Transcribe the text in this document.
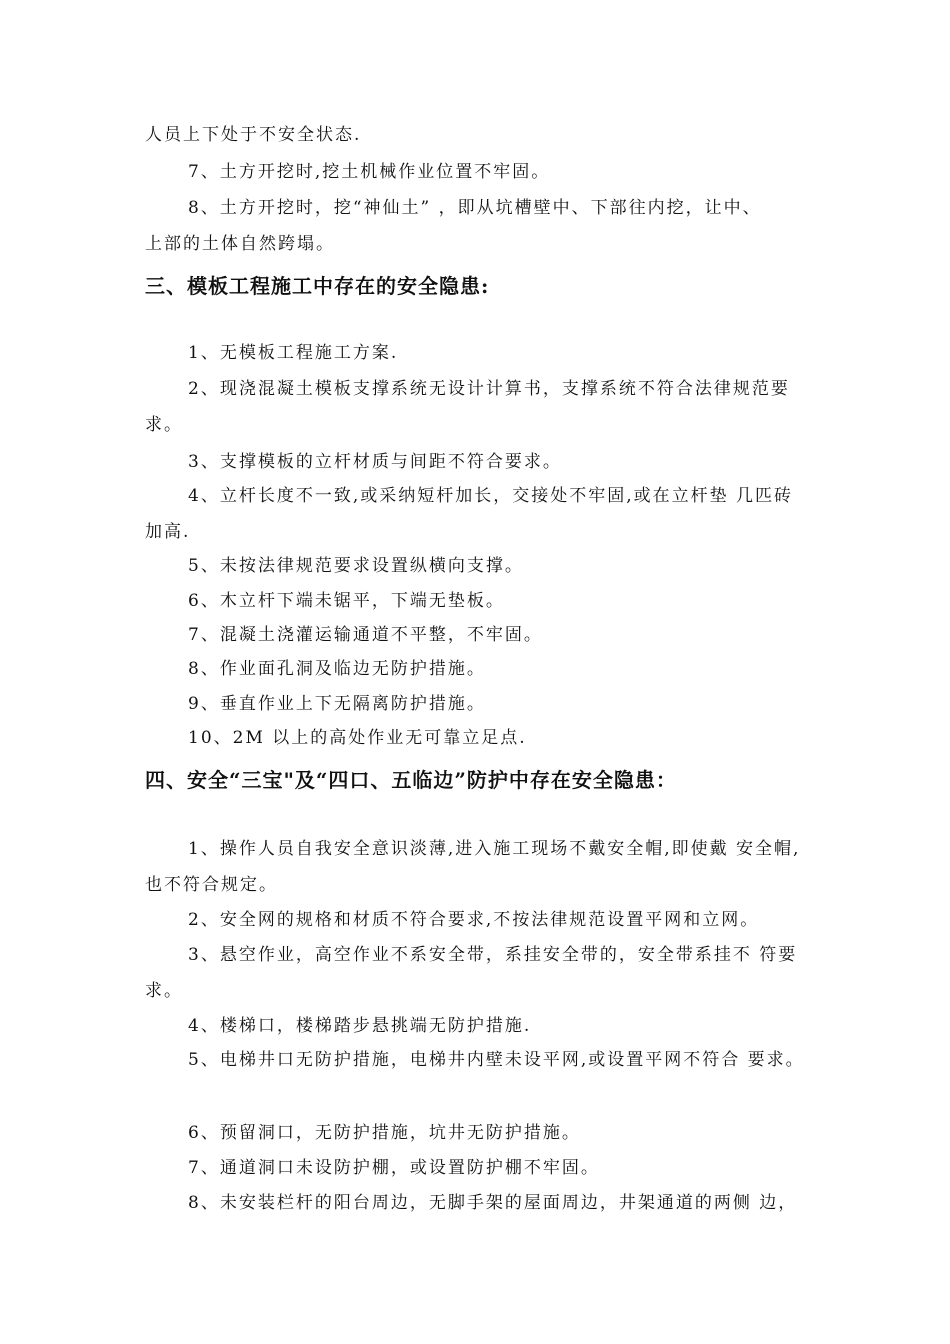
人员上下处于不安全状态.
7、土方开挖时,挖土机械作业位置不牢固。
8、土方开挖时，挖“神仙土” ，即从坑槽壁中、下部往内挖，让中、
上部的土体自然跨塌。
三、模板工程施工中存在的安全隐患:
1、无模板工程施工方案.
2、现浇混凝土模板支撑系统无设计计算书，支撑系统不符合法律规范要
求。
3、支撑模板的立杆材质与间距不符合要求。
4、立杆长度不一致,或采纳短杆加长，交接处不牢固,或在立杆垫 几匹砖
加高.
5、未按法律规范要求设置纵横向支撑。
6、木立杆下端未锯平，下端无垫板。
7、混凝土浇灌运输通道不平整，不牢固。
8、作业面孔洞及临边无防护措施。
9、垂直作业上下无隔离防护措施。
10、2M 以上的高处作业无可靠立足点.
四、安全“三宝"及“四口、五临边”防护中存在安全隐患：
1、操作人员自我安全意识淡薄,进入施工现场不戴安全帽,即使戴 安全帽,
也不符合规定。
2、安全网的规格和材质不符合要求,不按法律规范设置平网和立网。
3、悬空作业，高空作业不系安全带，系挂安全带的，安全带系挂不 符要
求。
4、楼梯口，楼梯踏步悬挑端无防护措施.
5、电梯井口无防护措施，电梯井内壁未设平网,或设置平网不符合 要求。
6、预留洞口，无防护措施，坑井无防护措施。
7、通道洞口未设防护棚，或设置防护棚不牢固。
8、未安装栏杆的阳台周边，无脚手架的屋面周边，井架通道的两侧 边，
